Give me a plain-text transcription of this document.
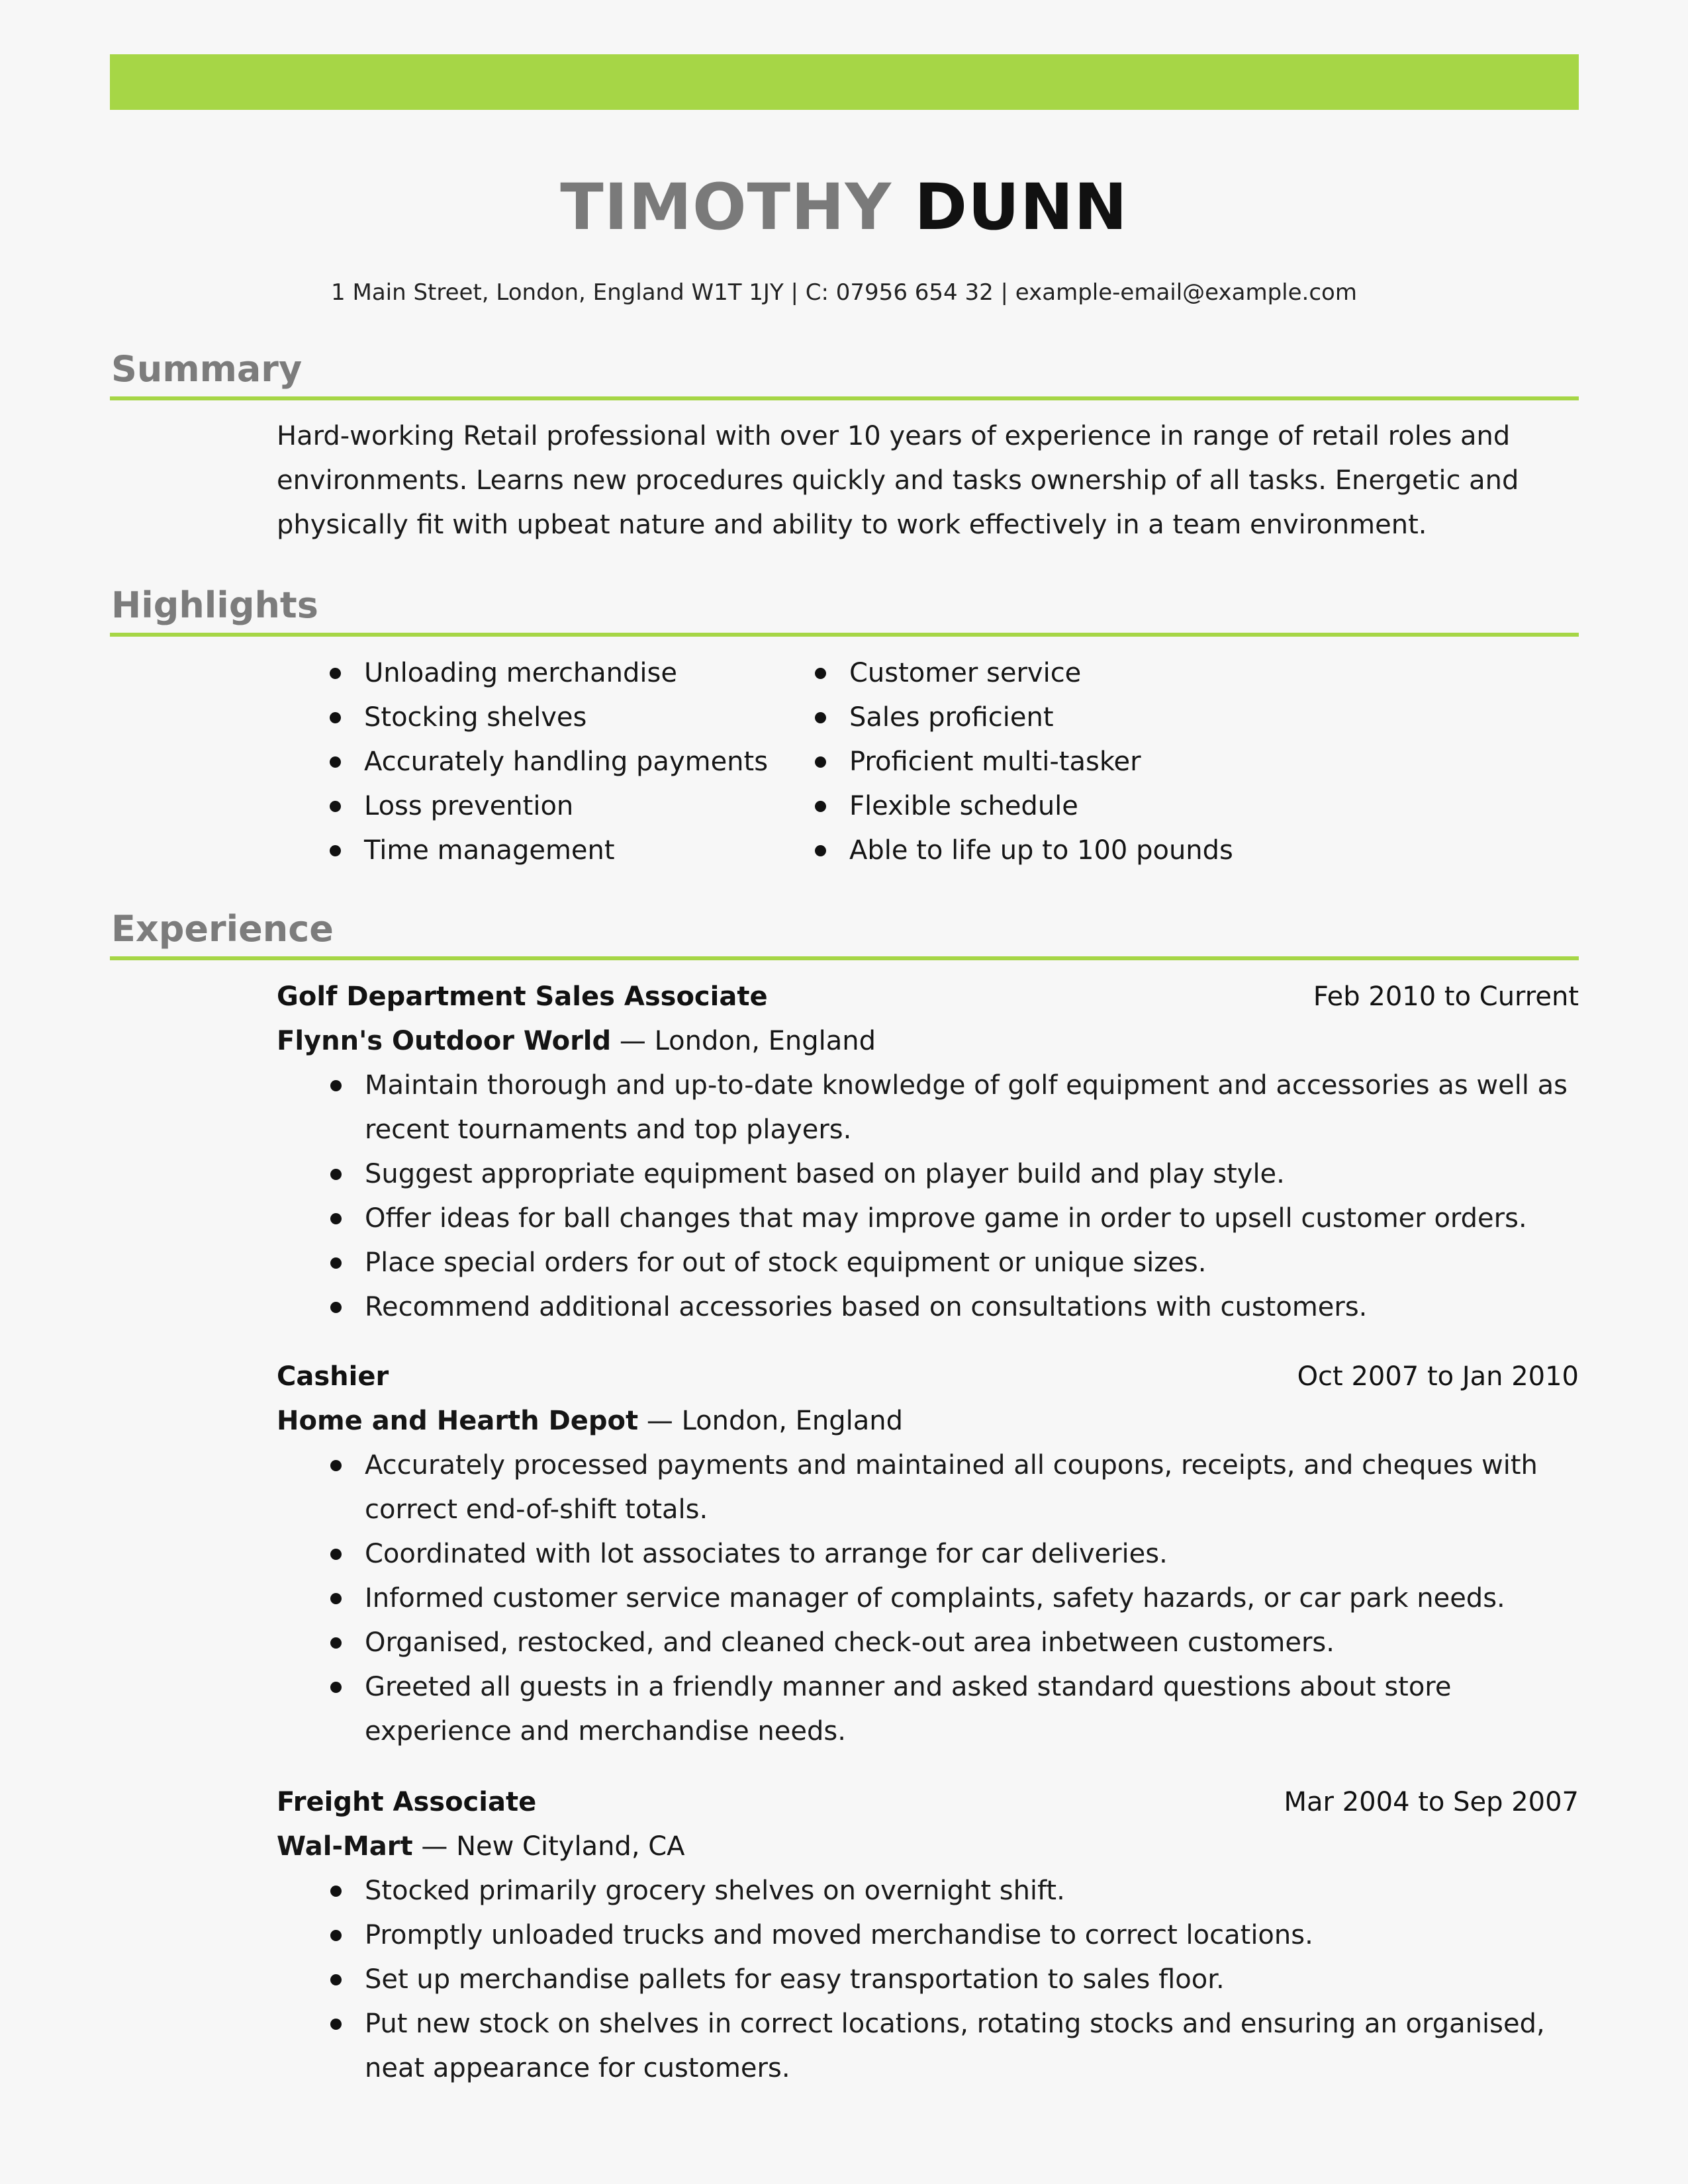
TIMOTHY DUNN
1 Main Street, London, England W1T 1JY | C: 07956 654 32 | example-email@example.com
Summary

Hard-working Retail professional with over 10 years of experience in range of retail roles and environments. Learns new procedures quickly and tasks ownership of all tasks. Energetic and physically fit with upbeat nature and ability to work effectively in a team environment.

Highlights
Unloading merchandise
Stocking shelves
Accurately handling payments
Loss prevention
Time management
Customer service
Sales proficient
Proficient multi-tasker
Flexible schedule
Able to life up to 100 pounds
Experience
Golf Department Sales Associate	Feb 2010 to Current
Flynn's Outdoor World — London, England
Maintain thorough and up-to-date knowledge of golf equipment and accessories as well as recent tournaments and top players.
Suggest appropriate equipment based on player build and play style.
Offer ideas for ball changes that may improve game in order to upsell customer orders.
Place special orders for out of stock equipment or unique sizes.
Recommend additional accessories based on consultations with customers.
Cashier	Oct 2007 to Jan 2010
Home and Hearth Depot — London, England
Accurately processed payments and maintained all coupons, receipts, and cheques with correct end-of-shift totals.
Coordinated with lot associates to arrange for car deliveries.
Informed customer service manager of complaints, safety hazards, or car park needs.
Organised, restocked, and cleaned check-out area inbetween customers.
Greeted all guests in a friendly manner and asked standard questions about store experience and merchandise needs.
Freight Associate	Mar 2004 to Sep 2007
Wal-Mart — New Cityland, CA
Stocked primarily grocery shelves on overnight shift.
Promptly unloaded trucks and moved merchandise to correct locations.
Set up merchandise pallets for easy transportation to sales floor.
Put new stock on shelves in correct locations, rotating stocks and ensuring an organised, neat appearance for customers.
